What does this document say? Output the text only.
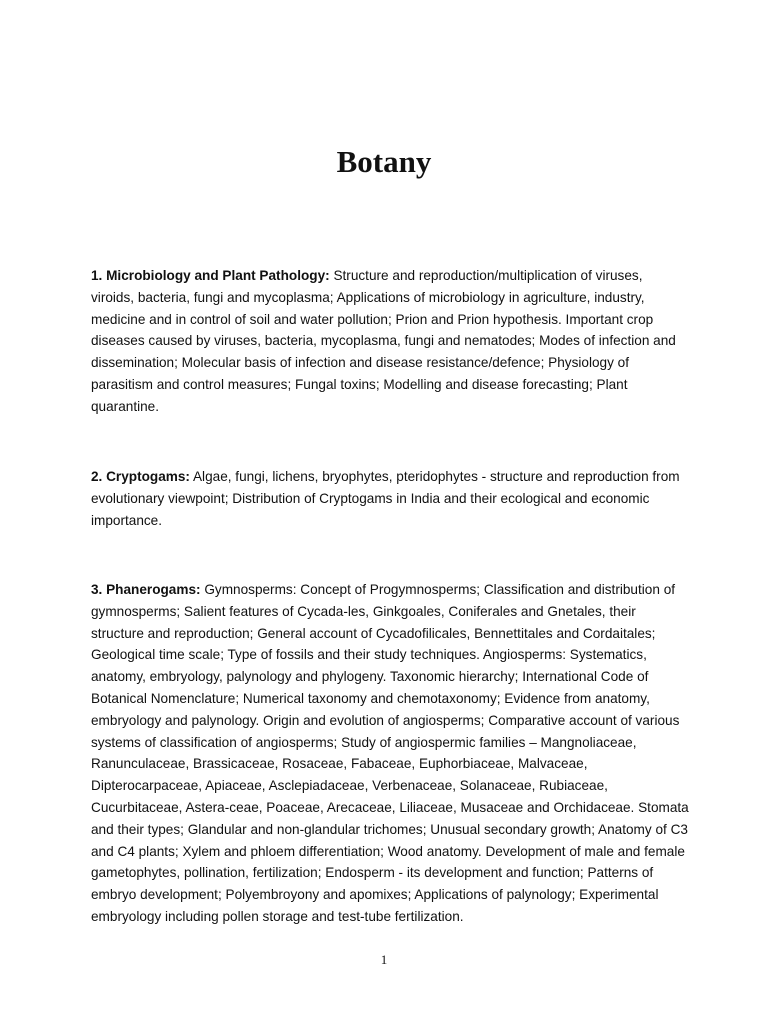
Botany

1. Microbiology and Plant Pathology: Structure and reproduction/multiplication of viruses, viroids, bacteria, fungi and mycoplasma; Applications of microbiology in agriculture, industry, medicine and in control of soil and water pollution; Prion and Prion hypothesis. Important crop diseases caused by viruses, bacteria, mycoplasma, fungi and nematodes; Modes of infection and dissemination; Molecular basis of infection and disease resistance/defence; Physiology of parasitism and control measures; Fungal toxins; Modelling and disease forecasting; Plant quarantine.

2. Cryptogams: Algae, fungi, lichens, bryophytes, pteridophytes - structure and reproduction from evolutionary viewpoint; Distribution of Cryptogams in India and their ecological and economic importance.

3. Phanerogams: Gymnosperms: Concept of Progymnosperms; Classification and distribution of gymnosperms; Salient features of Cycada-les, Ginkgoales, Coniferales and Gnetales, their structure and reproduction; General account of Cycadofilicales, Bennettitales and Cordaitales; Geological time scale; Type of fossils and their study techniques. Angiosperms: Systematics, anatomy, embryology, palynology and phylogeny. Taxonomic hierarchy; International Code of Botanical Nomenclature; Numerical taxonomy and chemotaxonomy; Evidence from anatomy, embryology and palynology. Origin and evolution of angiosperms; Comparative account of various systems of classification of angiosperms; Study of angiospermic families – Mangnoliaceae, Ranunculaceae, Brassicaceae, Rosaceae, Fabaceae, Euphorbiaceae, Malvaceae, Dipterocarpaceae, Apiaceae, Asclepiadaceae, Verbenaceae, Solanaceae, Rubiaceae, Cucurbitaceae, Astera-ceae, Poaceae, Arecaceae, Liliaceae, Musaceae and Orchidaceae. Stomata and their types; Glandular and non-glandular trichomes; Unusual secondary growth; Anatomy of C3 and C4 plants; Xylem and phloem differentiation; Wood anatomy. Development of male and female gametophytes, pollination, fertilization; Endosperm - its development and function; Patterns of embryo development; Polyembroyony and apomixes; Applications of palynology; Experimental embryology including pollen storage and test-tube fertilization.

1
